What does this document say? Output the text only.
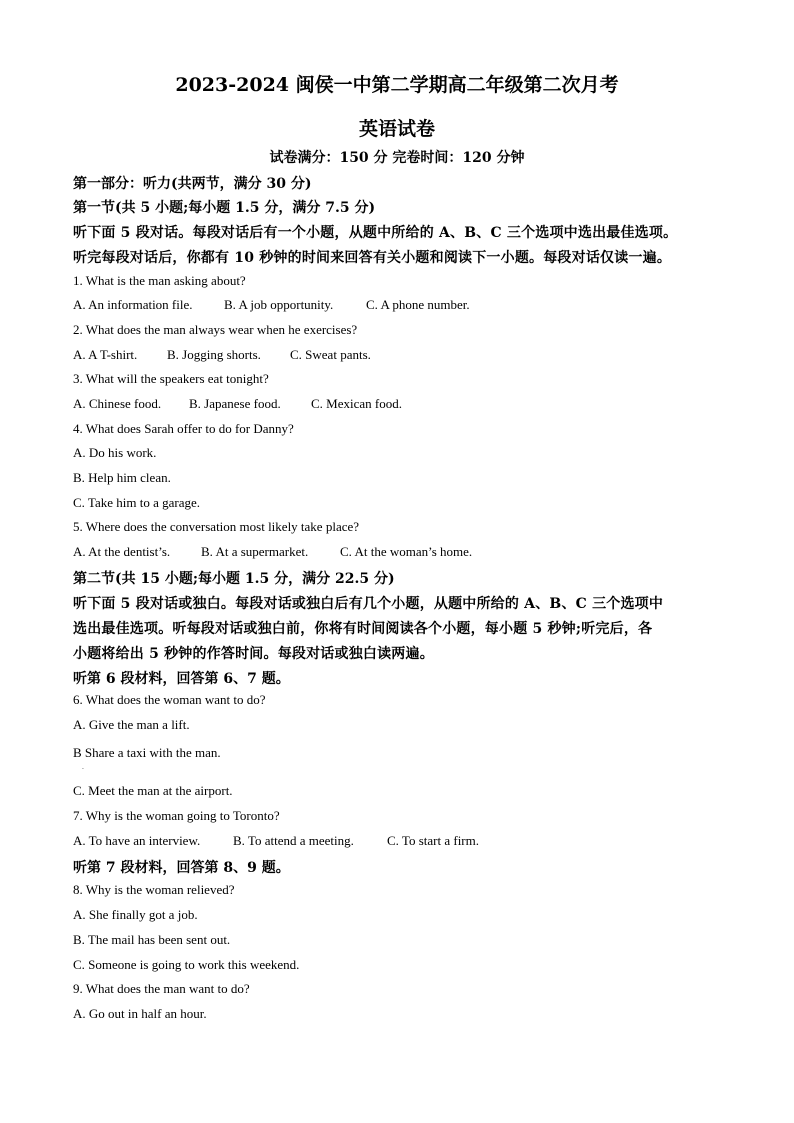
2023-2024 闽侯一中第二学期高二年级第二次月考
英语试卷
试卷满分：150 分 完卷时间：120 分钟
第一部分：听力(共两节，满分 30 分)
第一节(共 5 小题;每小题 1.5 分，满分 7.5 分)
听下面 5 段对话。每段对话后有一个小题，从题中所给的 A、B、C 三个选项中选出最佳选项。
听完每段对话后，你都有 10 秒钟的时间来回答有关小题和阅读下一小题。每段对话仅读一遍。
1. What is the man asking about?
A. An information file. B. A job opportunity.	C. A phone number.
2. What does the man always wear when he exercises?
A. A T-shirt. B. Jogging shorts. C. Sweat pants.
3. What will the speakers eat tonight?
A. Chinese food. B. Japanese food. C. Mexican food.
4. What does Sarah offer to do for Danny?
A. Do his work.
B. Help him clean.
C. Take him to a garage.
5. Where does the conversation most likely take place?
A. At the dentist’s. B. At a supermarket. C. At the woman’s home.
第二节(共 15 小题;每小题 1.5 分，满分 22.5 分)
听下面 5 段对话或独白。每段对话或独白后有几个小题，从题中所给的 A、B、C 三个选项中
选出最佳选项。听每段对话或独白前，你将有时间阅读各个小题，每小题 5 秒钟;听完后，各
小题将给出 5 秒钟的作答时间。每段对话或独白读两遍。
听第 6 段材料，回答第 6、7 题。
6. What does the woman want to do?
A. Give the man a lift.
B Share a taxi with the man.
.
C. Meet the man at the airport.
7. Why is the woman going to Toronto?
A. To have an interview.	B. To attend a meeting.	C. To start a firm.
听第 7 段材料，回答第 8、9 题。
8. Why is the woman relieved?
A. She finally got a job.
B. The mail has been sent out.
C. Someone is going to work this weekend.
9. What does the man want to do?
A. Go out in half an hour.
